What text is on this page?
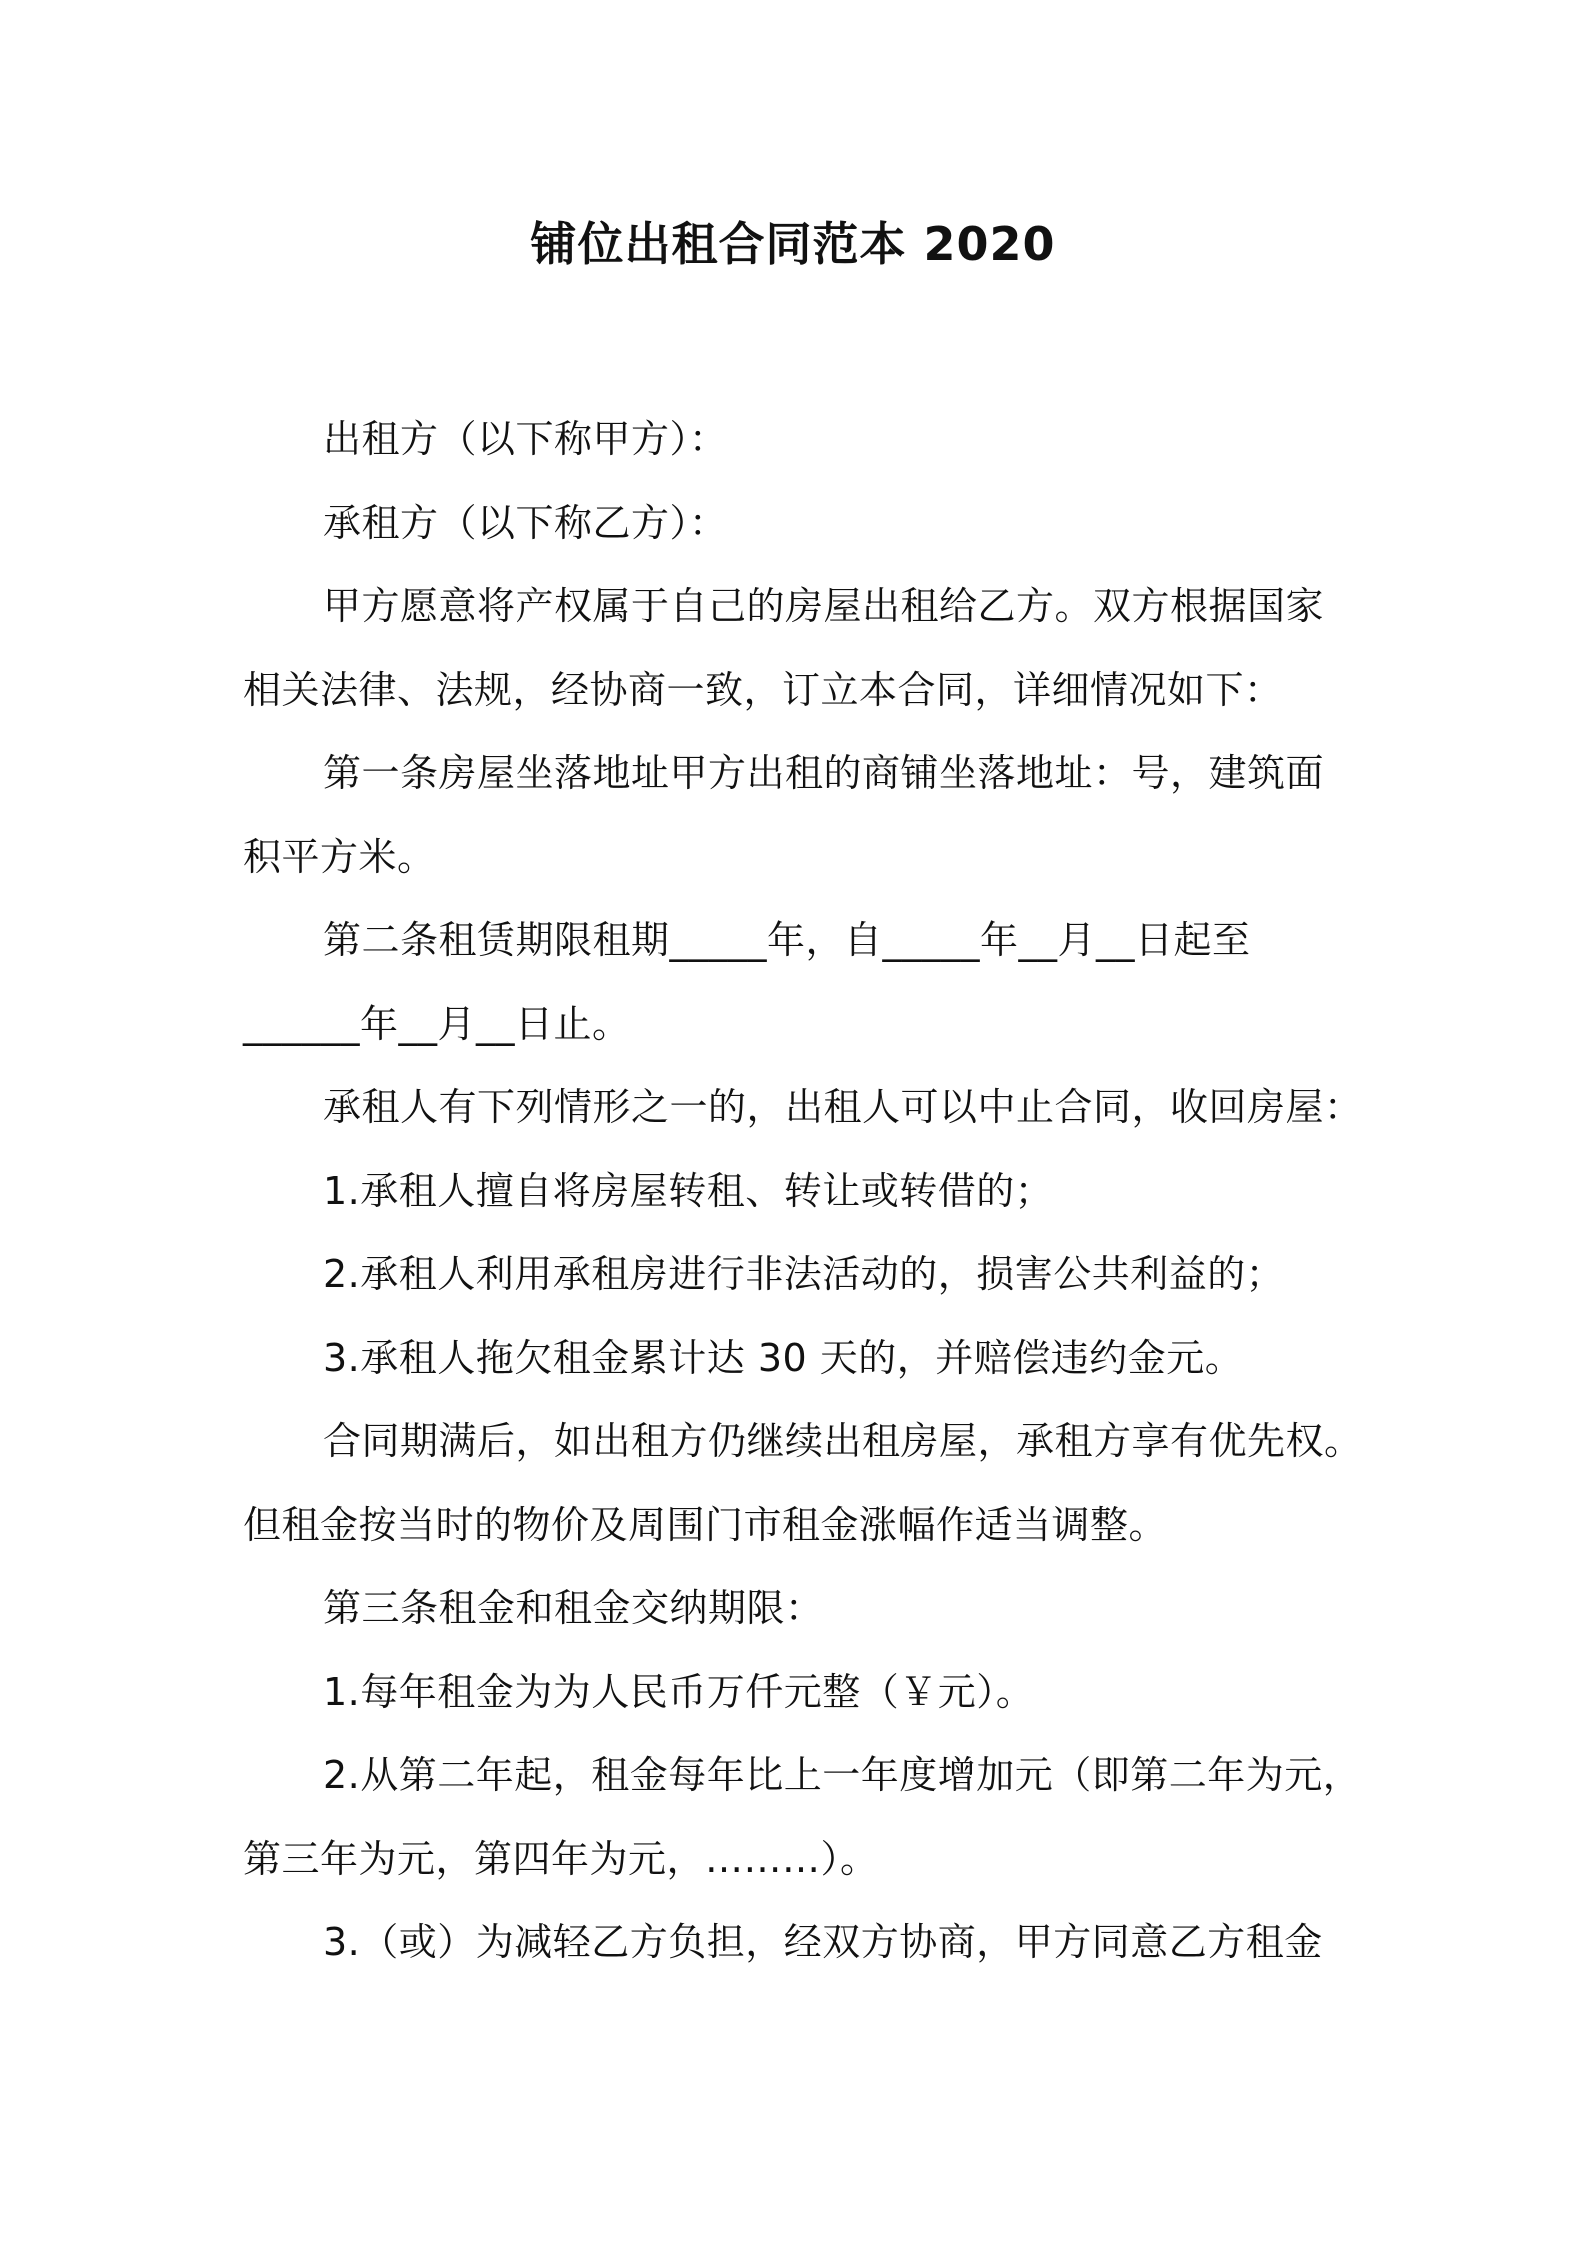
铺位出租合同范本 2020

出租方（以下称甲方）：

承租方（以下称乙方）：

甲方愿意将产权属于自己的房屋出租给乙方。双方根据国家

相关法律、法规，经协商一致，订立本合同，详细情况如下：

第一条房屋坐落地址甲方出租的商铺坐落地址：号，建筑面

积平方米。

第二条租赁期限租期_____年，自_____年__月__日起至

______年__月__日止。

承租人有下列情形之一的，出租人可以中止合同，收回房屋：

1.承租人擅自将房屋转租、转让或转借的；

2.承租人利用承租房进行非法活动的，损害公共利益的；

3.承租人拖欠租金累计达 30 天的，并赔偿违约金元。

合同期满后，如出租方仍继续出租房屋，承租方享有优先权。

但租金按当时的物价及周围门市租金涨幅作适当调整。

第三条租金和租金交纳期限：

1.每年租金为为人民币万仟元整（￥元）。

2.从第二年起，租金每年比上一年度增加元（即第二年为元，

第三年为元，第四年为元，………）。

3.（或）为减轻乙方负担，经双方协商，甲方同意乙方租金
